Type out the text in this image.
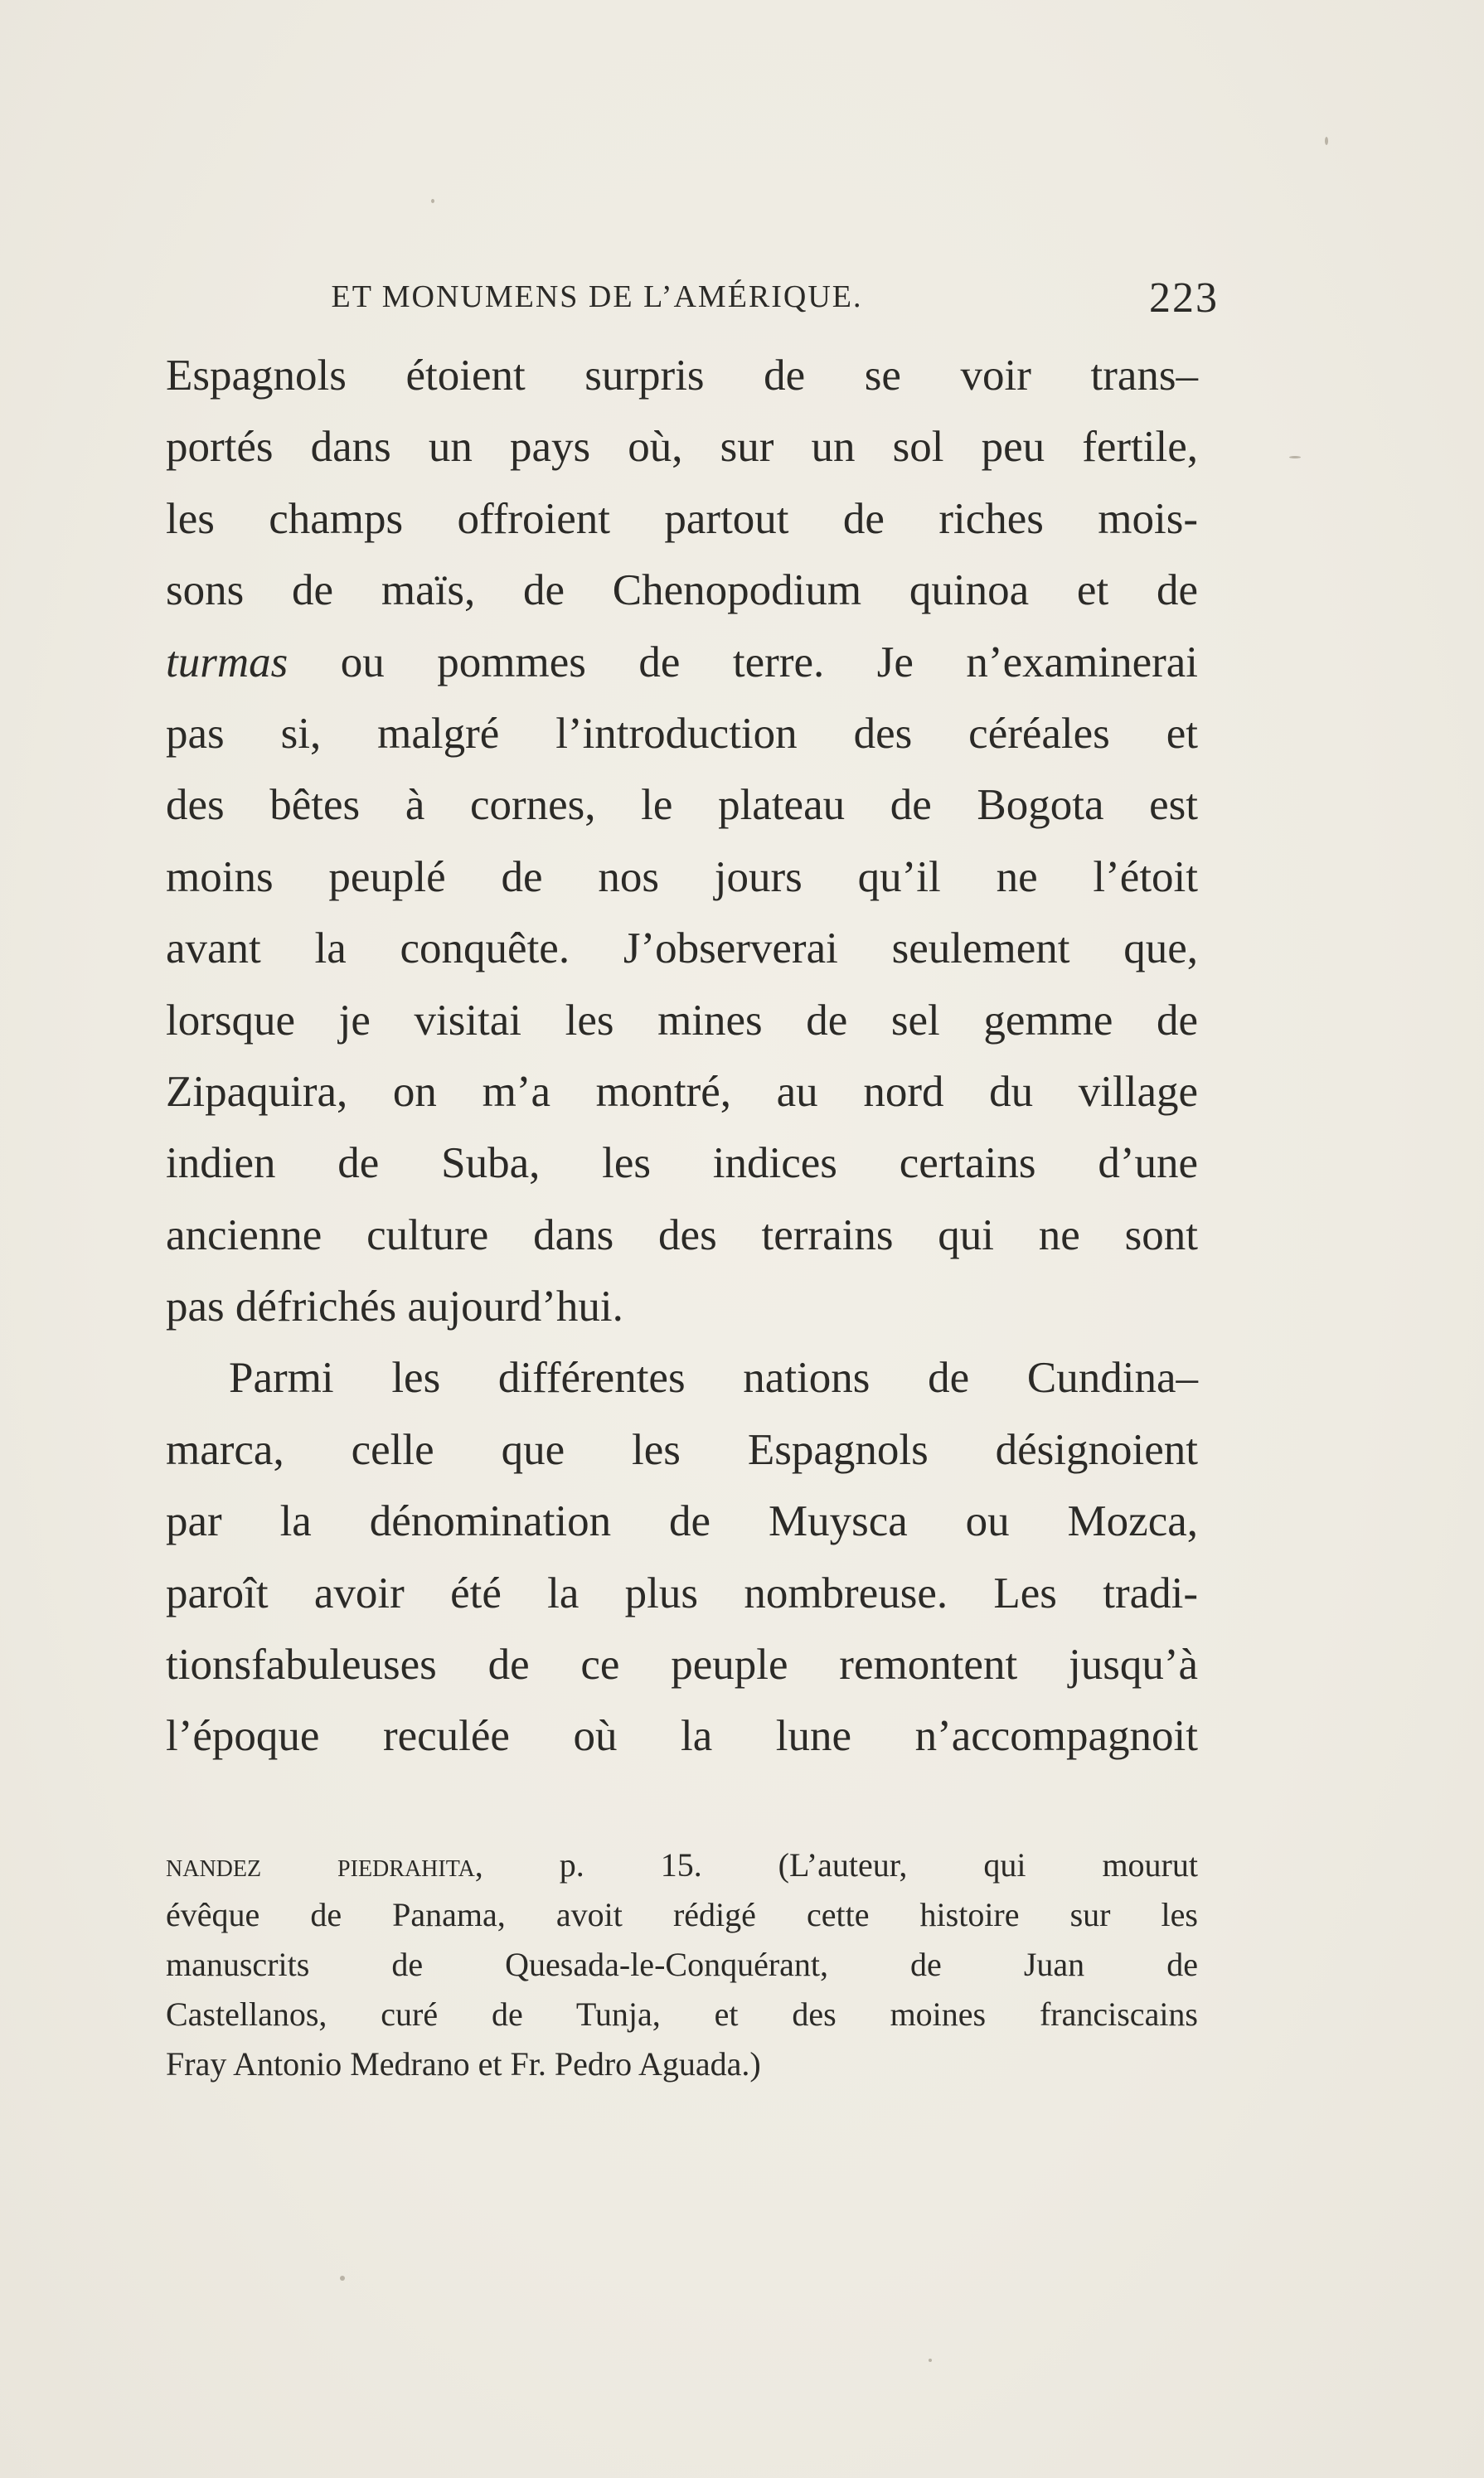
ET MONUMENS DE L’AMÉRIQUE.	223
Espagnols étoient surpris de se voir trans–
portés dans un pays où, sur un sol peu fertile,
les champs offroient partout de riches mois-
sons de maïs, de Chenopodium quinoa et de
turmas ou pommes de terre. Je n’examinerai
pas si, malgré l’introduction des céréales et
des bêtes à cornes, le plateau de Bogota est
moins peuplé de nos jours qu’il ne l’étoit
avant la conquête. J’observerai seulement que,
lorsque je visitai les mines de sel gemme de
Zipaquira, on m’a montré, au nord du village
indien de Suba, les indices certains d’une
ancienne culture dans des terrains qui ne sont
pas défrichés aujourd’hui.
Parmi les différentes nations de Cundina–
marca, celle que les Espagnols désignoient
par la dénomination de Muysca ou Mozca,
paroît avoir été la plus nombreuse. Les tradi-
tionsfabuleuses de ce peuple remontent jusqu’à
l’époque reculée où la lune n’accompagnoit
nandez piedrahita, p. 15. (L’auteur, qui mourut
évêque de Panama, avoit rédigé cette histoire sur les
manuscrits de Quesada-le-Conquérant, de Juan de
Castellanos, curé de Tunja, et des moines franciscains
Fray Antonio Medrano et Fr. Pedro Aguada.)
